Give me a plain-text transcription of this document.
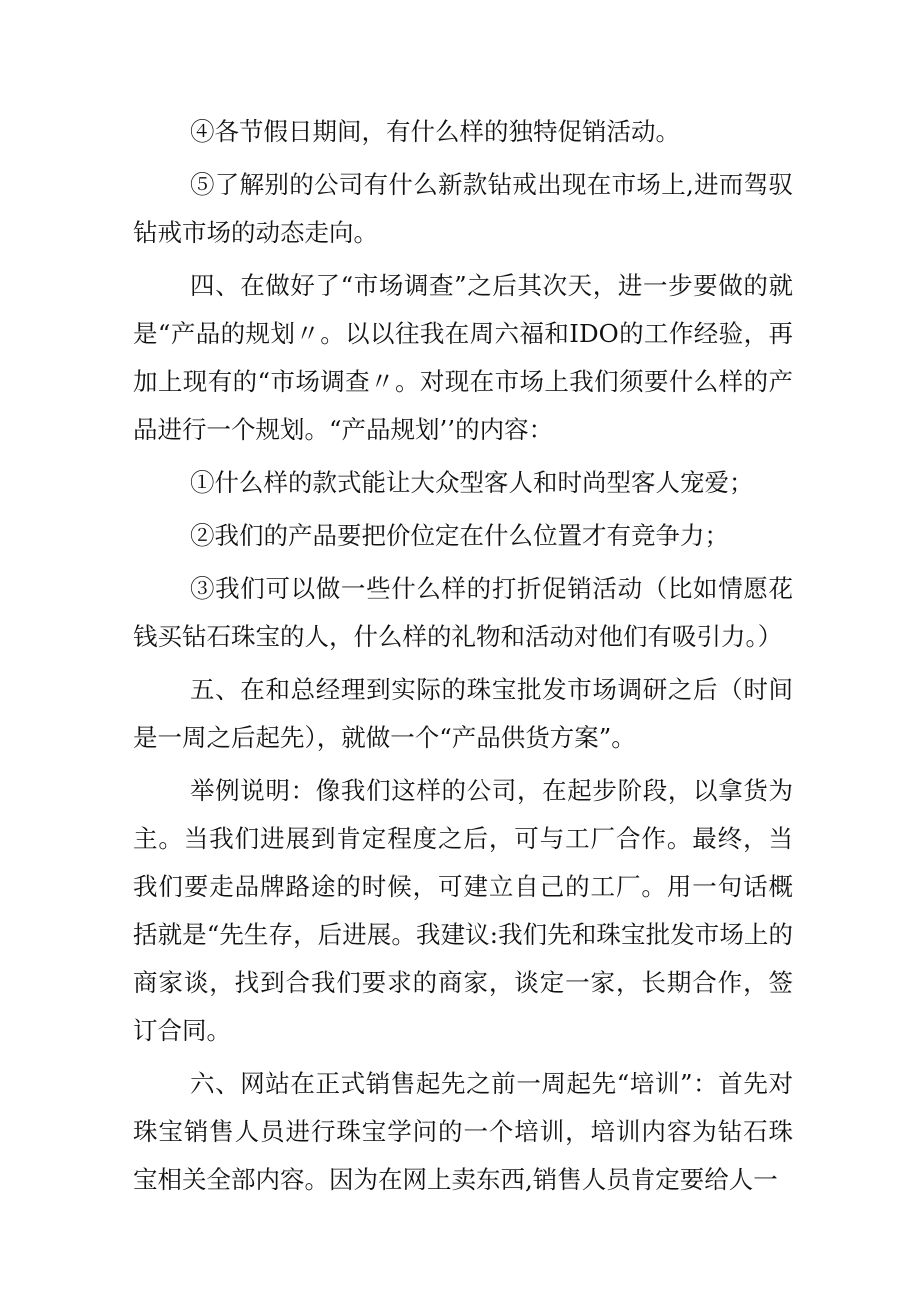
④各节假日期间，有什么样的独特促销活动。

⑤了解别的公司有什么新款钻戒出现在市场上,进而驾驭钻戒市场的动态走向。

四、在做好了“市场调查”之后其次天，进一步要做的就是“产品的规划〃。以以往我在周六福和IDO的工作经验，再加上现有的“市场调查〃。对现在市场上我们须要什么样的产品进行一个规划。“产品规划’’的内容：

①什么样的款式能让大众型客人和时尚型客人宠爱；

②我们的产品要把价位定在什么位置才有竞争力；

③我们可以做一些什么样的打折促销活动（比如情愿花钱买钻石珠宝的人，什么样的礼物和活动对他们有吸引力。）

五、在和总经理到实际的珠宝批发市场调研之后（时间是一周之后起先），就做一个“产品供货方案”。

举例说明：像我们这样的公司，在起步阶段，以拿货为主。当我们进展到肯定程度之后，可与工厂合作。最终，当我们要走品牌路途的时候，可建立自己的工厂。用一句话概括就是“先生存，后进展。我建议:我们先和珠宝批发市场上的商家谈，找到合我们要求的商家，谈定一家，长期合作，签订合同。

六、网站在正式销售起先之前一周起先“培训”：首先对珠宝销售人员进行珠宝学问的一个培训，培训内容为钻石珠宝相关全部内容。因为在网上卖东西,销售人员肯定要给人一
